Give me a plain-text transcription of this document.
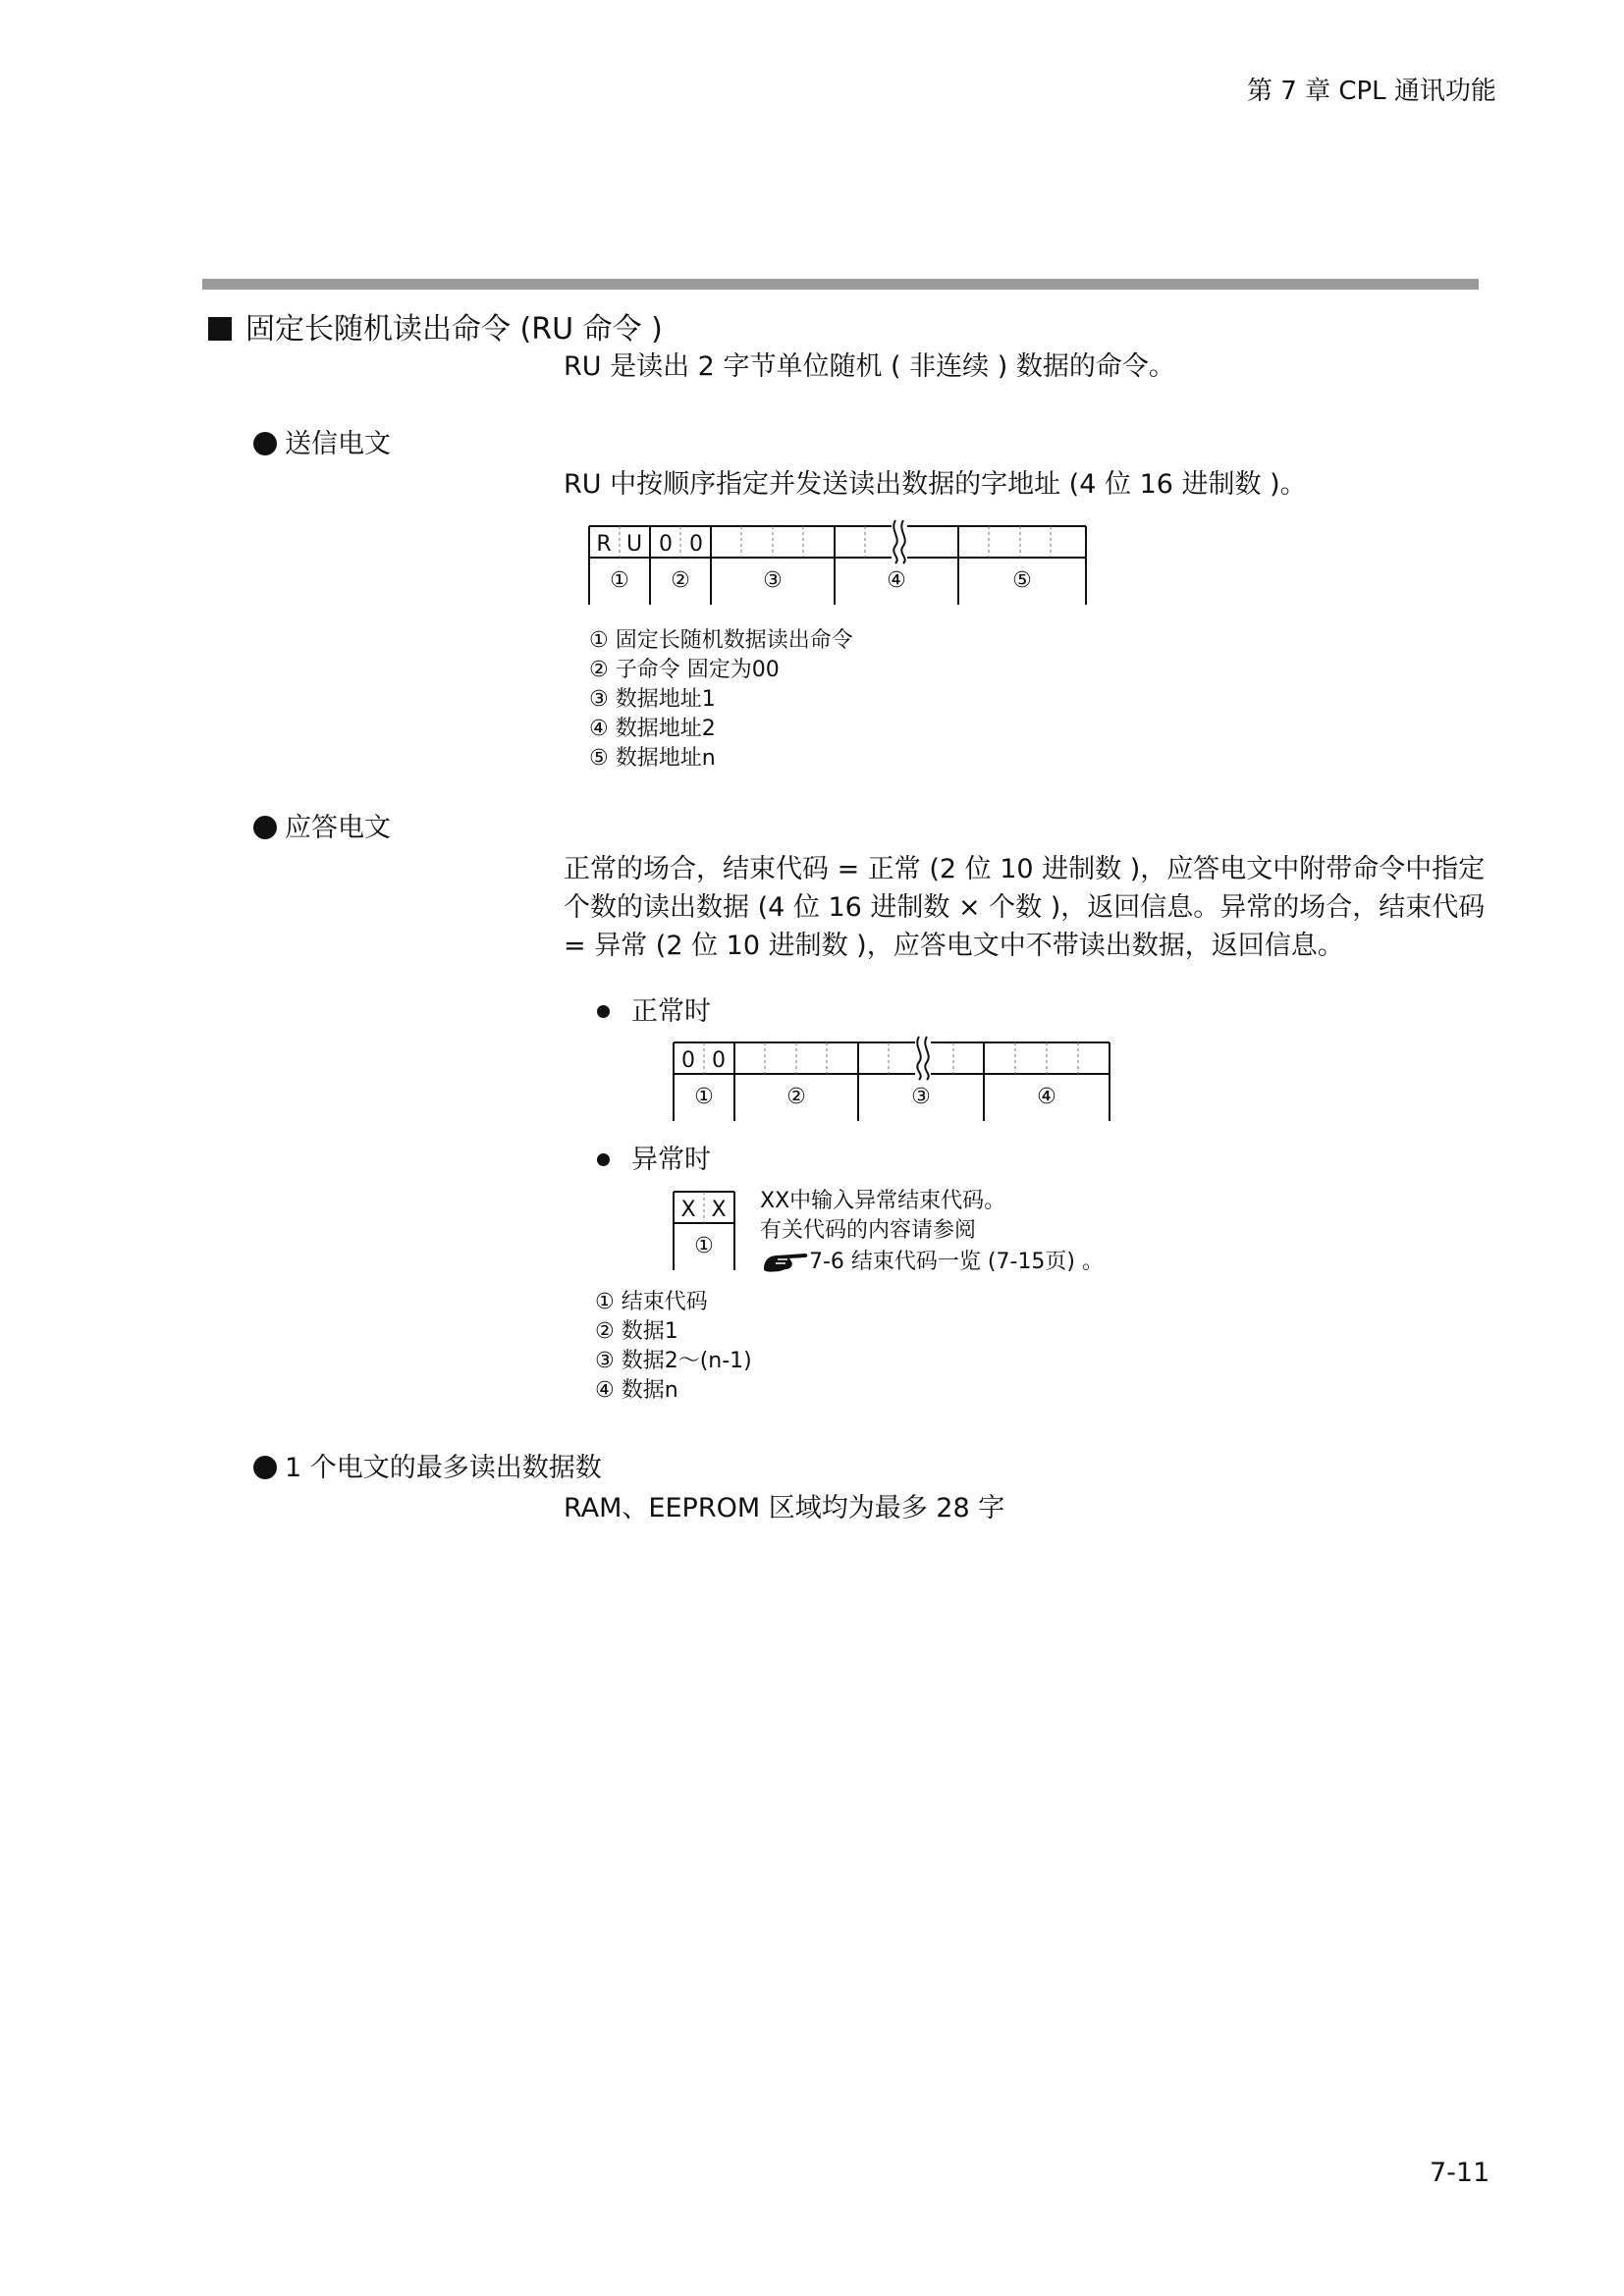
第 7 章 CPL 通讯功能
固定长随机读出命令 (RU 命令 )
RU 是读出 2 字节单位随机 ( 非连续 ) 数据的命令。
送信电文
RU 中按顺序指定并发送读出数据的字地址 (4 位 16 进制数 )。
R U 0 0
① ②	③	④	⑤
① 固定长随机数据读出命令
② 子命令 固定为00
③ 数据地址1
④ 数据地址2
⑤ 数据地址n
应答电文
正常的场合，结束代码 = 正常 (2 位 10 进制数 )，应答电文中附带命令中指定个数的读出数据 (4 位 16 进制数 × 个数 )，返回信息。异常的场合，结束代码 = 异常 (2 位 10 进制数 )，应答电文中不带读出数据，返回信息。
正常时
0 0
①	②	③	④
异常时
X X
①
XX中输入异常结束代码。
有关代码的内容请参阅
7-6 结束代码一览 (7-15页) 。
① 结束代码
② 数据1
③ 数据2～(n-1)
④ 数据n
1 个电文的最多读出数据数
RAM、EEPROM 区域均为最多 28 字
7-11
